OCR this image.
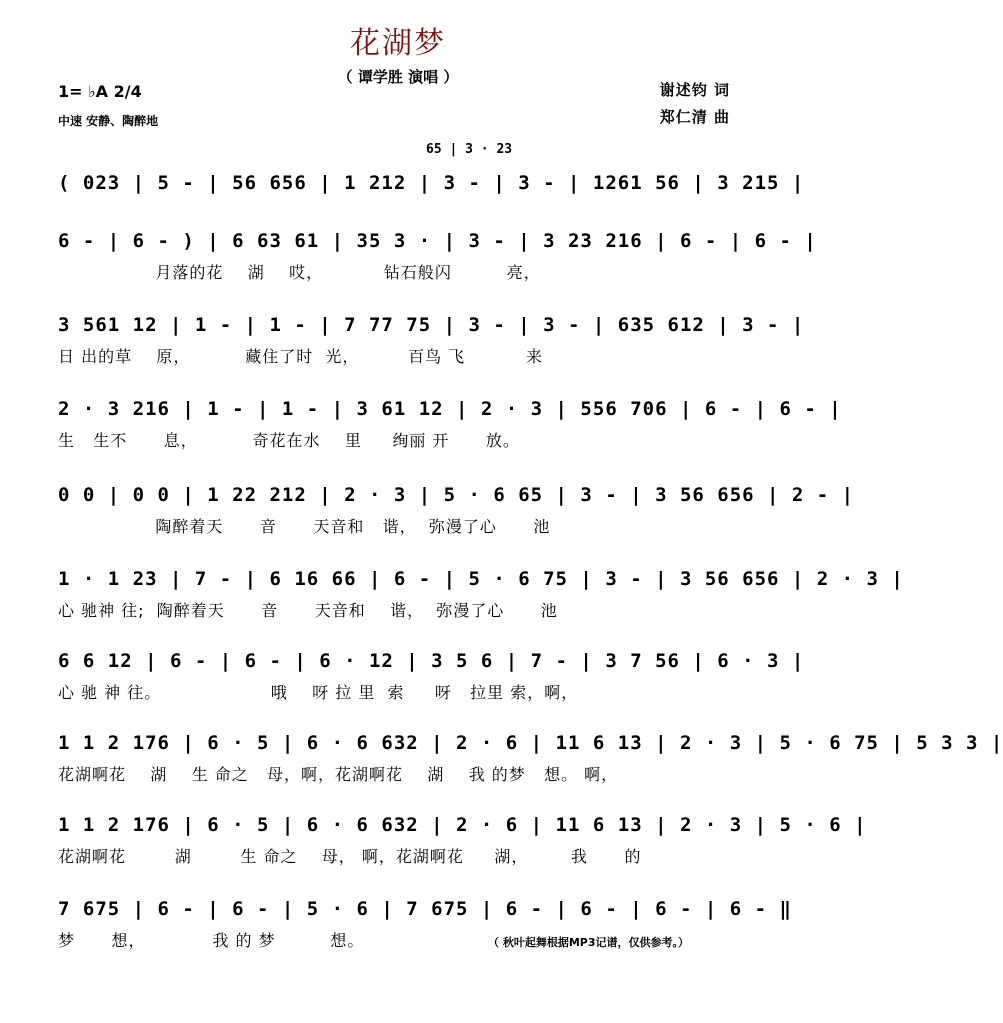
花湖梦
（ 谭学胜 演唱 ）
1= ♭A 2/4
中速 安静、陶醉地
谢述钧 词
郑仁清 曲
65 | 3 · 23
( 023 | 5 - | 56 656 | 1 212 | 3 - | 3 - | 1261 56 | 3 215 |
6 - | 6 - ) | 6 63 61 | 35 3 · | 3 - | 3 23 216 | 6 - | 6 - |
月落的花    湖    哎，          钻石般闪         亮，
3 561 12 | 1 - | 1 - | 7 77 75 | 3 - | 3 - | 635 612 | 3 - |
日 出的草    原，         藏住了时  光，        百鸟 飞          来
2 · 3 216 | 1 - | 1 - | 3 61 12 | 2 · 3 | 556 706 | 6 - | 6 - |
生   生不      息，         奇花在水    里     绚丽 开      放。
0 0 | 0 0 | 1 22 212 | 2 · 3 | 5 · 6 65 | 3 - | 3 56 656 | 2 - |
陶醉着天      音      天音和   谐，  弥漫了心      池
1 · 1 23 | 7 - | 6 16 66 | 6 - | 5 · 6 75 | 3 - | 3 56 656 | 2 · 3 |
心 驰神 往;  陶醉着天      音      天音和    谐，  弥漫了心      池
6 6 12 | 6 - | 6 - | 6 · 12 | 3 5 6 | 7 - | 3 7 56 | 6 · 3 |
心 驰 神 往。                  哦    呀 拉 里  索     呀   拉里 索，啊，
1 1 2 176 | 6 · 5 | 6 · 6 632 | 2 · 6 | 11 6 13 | 2 · 3 | 5 · 6 75 | 5 3 3 |
花湖啊花    湖    生 命之   母，啊，花湖啊花    湖    我 的梦   想。 啊，
1 1 2 176 | 6 · 5 | 6 · 6 632 | 2 · 6 | 11 6 13 | 2 · 3 | 5 · 6 |
花湖啊花        湖        生 命之    母， 啊，花湖啊花     湖，       我      的
7 675 | 6 - | 6 - | 5 · 6 | 7 675 | 6 - | 6 - | 6 - | 6 - ‖
梦      想，           我 的 梦         想。	（ 秋叶起舞根据MP3记谱，仅供参考。）
